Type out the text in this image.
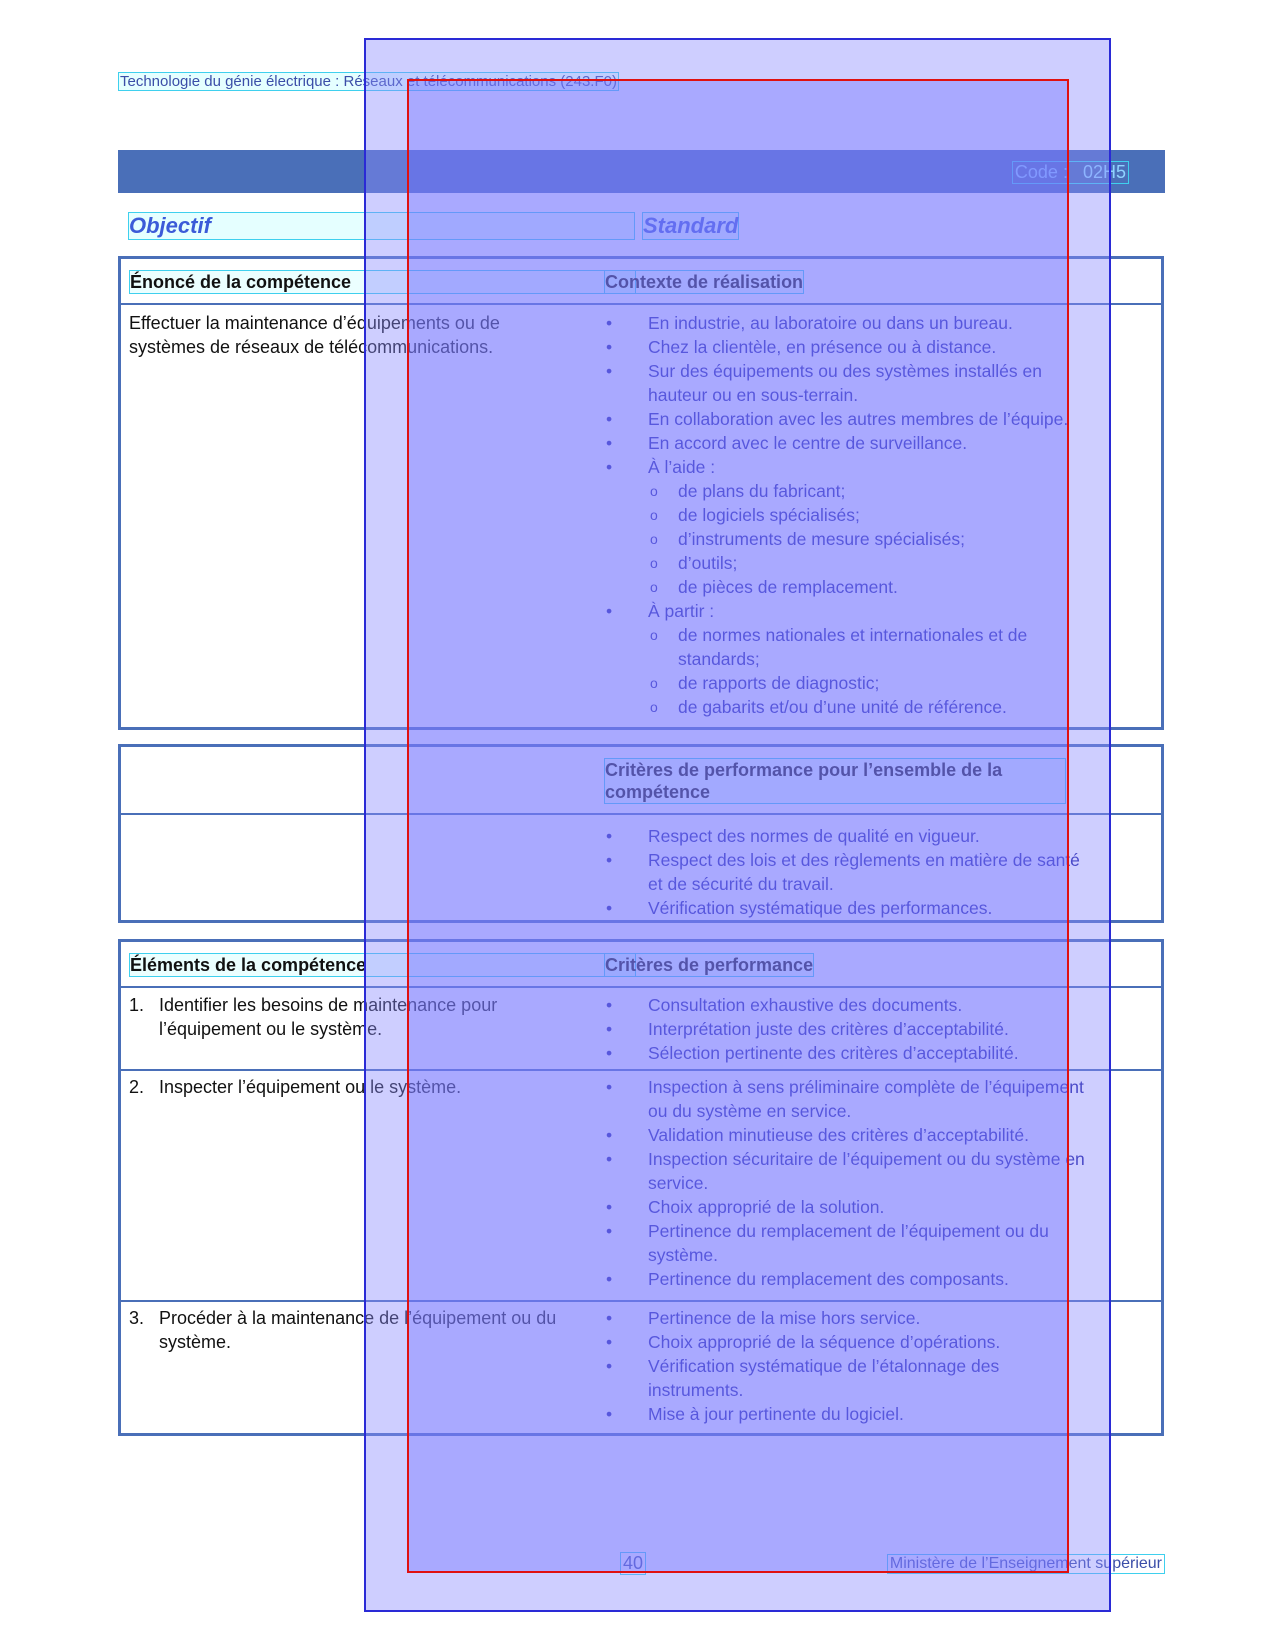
Technologie du génie électrique : Réseaux et télécommunications (243.F0)
Code : 02H5
Objectif	Standard
Énoncé de la compétence	Contexte de réalisation
Effectuer la maintenance d’équipements ou de systèmes de réseaux de télécommunications.
• En industrie, au laboratoire ou dans un bureau.
• Chez la clientèle, en présence ou à distance.
• Sur des équipements ou des systèmes installés en hauteur ou en sous-terrain.
• En collaboration avec les autres membres de l’équipe.
• En accord avec le centre de surveillance.
• À l’aide :
o de plans du fabricant;
o de logiciels spécialisés;
o d’instruments de mesure spécialisés;
o d’outils;
o de pièces de remplacement.
• À partir :
o de normes nationales et internationales et de standards;
o de rapports de diagnostic;
o de gabarits et/ou d’une unité de référence.
Critères de performance pour l’ensemble de la compétence
• Respect des normes de qualité en vigueur.
• Respect des lois et des règlements en matière de santé et de sécurité du travail.
• Vérification systématique des performances.
Éléments de la compétence	Critères de performance
1. Identifier les besoins de maintenance pour l’équipement ou le système.
• Consultation exhaustive des documents.
• Interprétation juste des critères d’acceptabilité.
• Sélection pertinente des critères d’acceptabilité.
2. Inspecter l’équipement ou le système.
•	Inspection à sens préliminaire complète de l’équipement ou du système en service.
• Validation minutieuse des critères d’acceptabilité.
• Inspection sécuritaire de l’équipement ou du système en service.
• Choix approprié de la solution.
• Pertinence du remplacement de l’équipement ou du système.
• Pertinence du remplacement des composants.
3. Procéder à la maintenance de l’équipement ou du système.
• Pertinence de la mise hors service.
• Choix approprié de la séquence d’opérations.
• Vérification systématique de l’étalonnage des instruments.
• Mise à jour pertinente du logiciel.
40	Ministère de l’Enseignement supérieur
